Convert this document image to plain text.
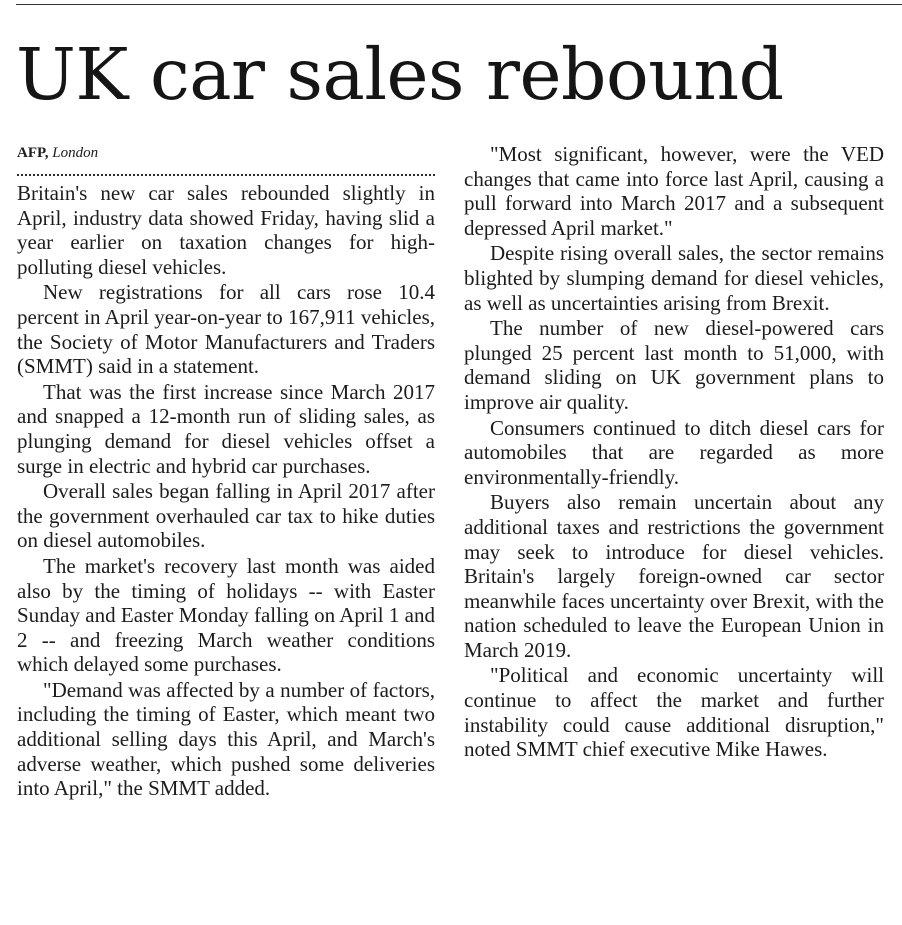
UK car sales rebound
AFP, London

Britain's new car sales rebounded slightly in April, industry data showed Friday, having slid a year earlier on taxation changes for high-polluting diesel vehicles.

New registrations for all cars rose 10.4 percent in April year-on-year to 167,911 vehicles, the Society of Motor Manufacturers and Traders (SMMT) said in a statement.

That was the first increase since March 2017 and snapped a 12-month run of sliding sales, as plunging demand for diesel vehicles offset a surge in electric and hybrid car purchases.

Overall sales began falling in April 2017 after the government overhauled car tax to hike duties on diesel automobiles.

The market's recovery last month was aided also by the timing of holidays -- with Easter Sunday and Easter Monday falling on April 1 and 2 -- and freezing March weather conditions which delayed some purchases.

"Demand was affected by a number of factors, including the timing of Easter, which meant two additional selling days this April, and March's adverse weather, which pushed some deliveries into April," the SMMT added.

"Most significant, however, were the VED changes that came into force last April, causing a pull forward into March 2017 and a subsequent depressed April market."

Despite rising overall sales, the sector remains blighted by slumping demand for diesel vehicles, as well as uncertainties arising from Brexit.

The number of new diesel-powered cars plunged 25 percent last month to 51,000, with demand sliding on UK government plans to improve air quality.

Consumers continued to ditch diesel cars for automobiles that are regarded as more environmentally-friendly.

Buyers also remain uncertain about any additional taxes and restrictions the government may seek to introduce for diesel vehicles. Britain's largely foreign-owned car sector meanwhile faces uncertainty over Brexit, with the nation scheduled to leave the European Union in March 2019.

"Political and economic uncertainty will continue to affect the market and further instability could cause additional disruption," noted SMMT chief executive Mike Hawes.
